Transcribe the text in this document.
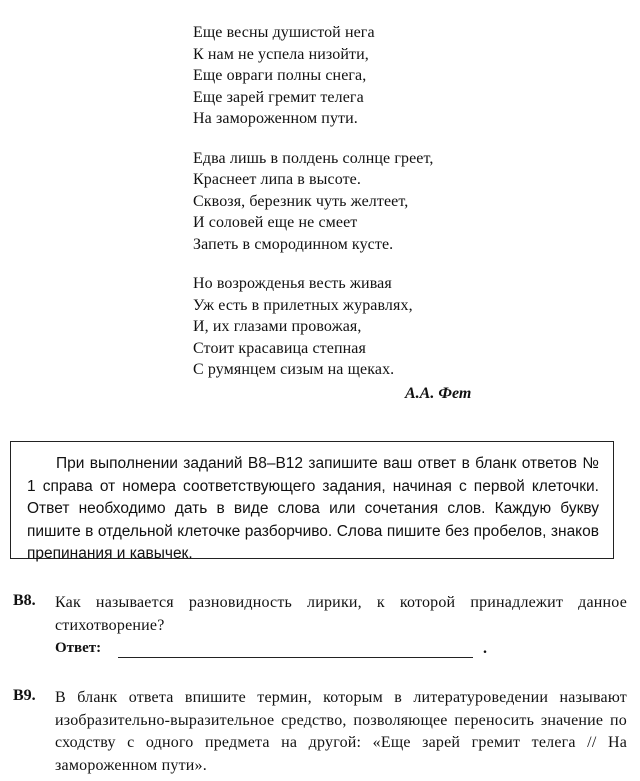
Еще весны душистой нега
К нам не успела низойти,
Еще овраги полны снега,
Еще зарей гремит телега
На замороженном пути.
Едва лишь в полдень солнце греет,
Краснеет липа в высоте.
Сквозя, березник чуть желтеет,
И соловей еще не смеет
Запеть в смородинном кусте.
Но возрожденья весть живая
Уж есть в прилетных журавлях,
И, их глазами провожая,
Стоит красавица степная
С румянцем сизым на щеках.
А.А. Фет
При выполнении заданий В8–В12 запишите ваш ответ в бланк ответов № 1 справа от номера соответствующего задания, начиная с первой клеточки. Ответ необходимо дать в виде слова или сочетания слов. Каждую букву пишите в отдельной клеточке разборчиво. Слова пишите без пробелов, знаков препинания и кавычек.
В8. Как называется разновидность лирики, к которой принадлежит данное стихотворение?
Ответ:	.
В9. В бланк ответа впишите термин, которым в литературоведении называют изобразительно-выразительное средство, позволяющее переносить значение по сходству с одного предмета на другой: «Еще зарей гремит телега // На замороженном пути».
